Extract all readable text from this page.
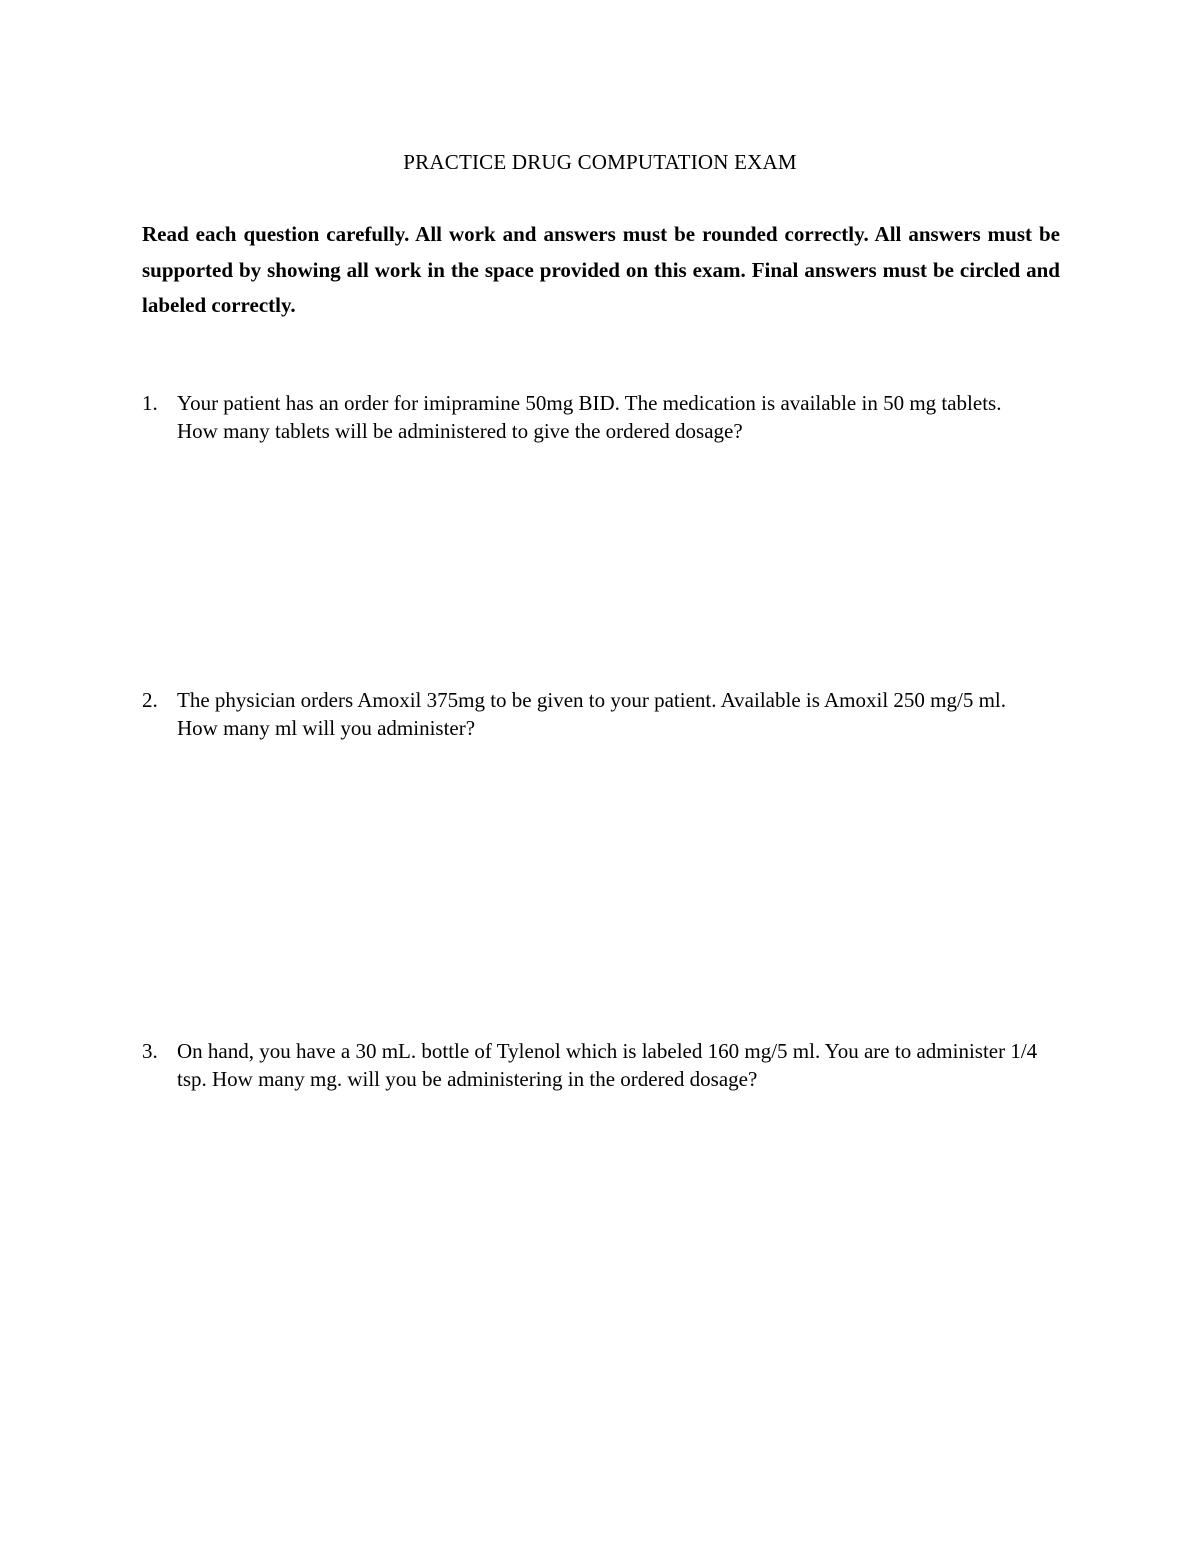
PRACTICE DRUG COMPUTATION EXAM
Read each question carefully. All work and answers must be rounded correctly. All answers must be supported by showing all work in the space provided on this exam. Final answers must be circled and labeled correctly.
1. Your patient has an order for imipramine 50mg BID. The medication is available in 50 mg tablets. How many tablets will be administered to give the ordered dosage?
2. The physician orders Amoxil 375mg to be given to your patient. Available is Amoxil 250 mg/5 ml. How many ml will you administer?
3. On hand, you have a 30 mL. bottle of Tylenol which is labeled 160 mg/5 ml. You are to administer 1/4 tsp. How many mg. will you be administering in the ordered dosage?
